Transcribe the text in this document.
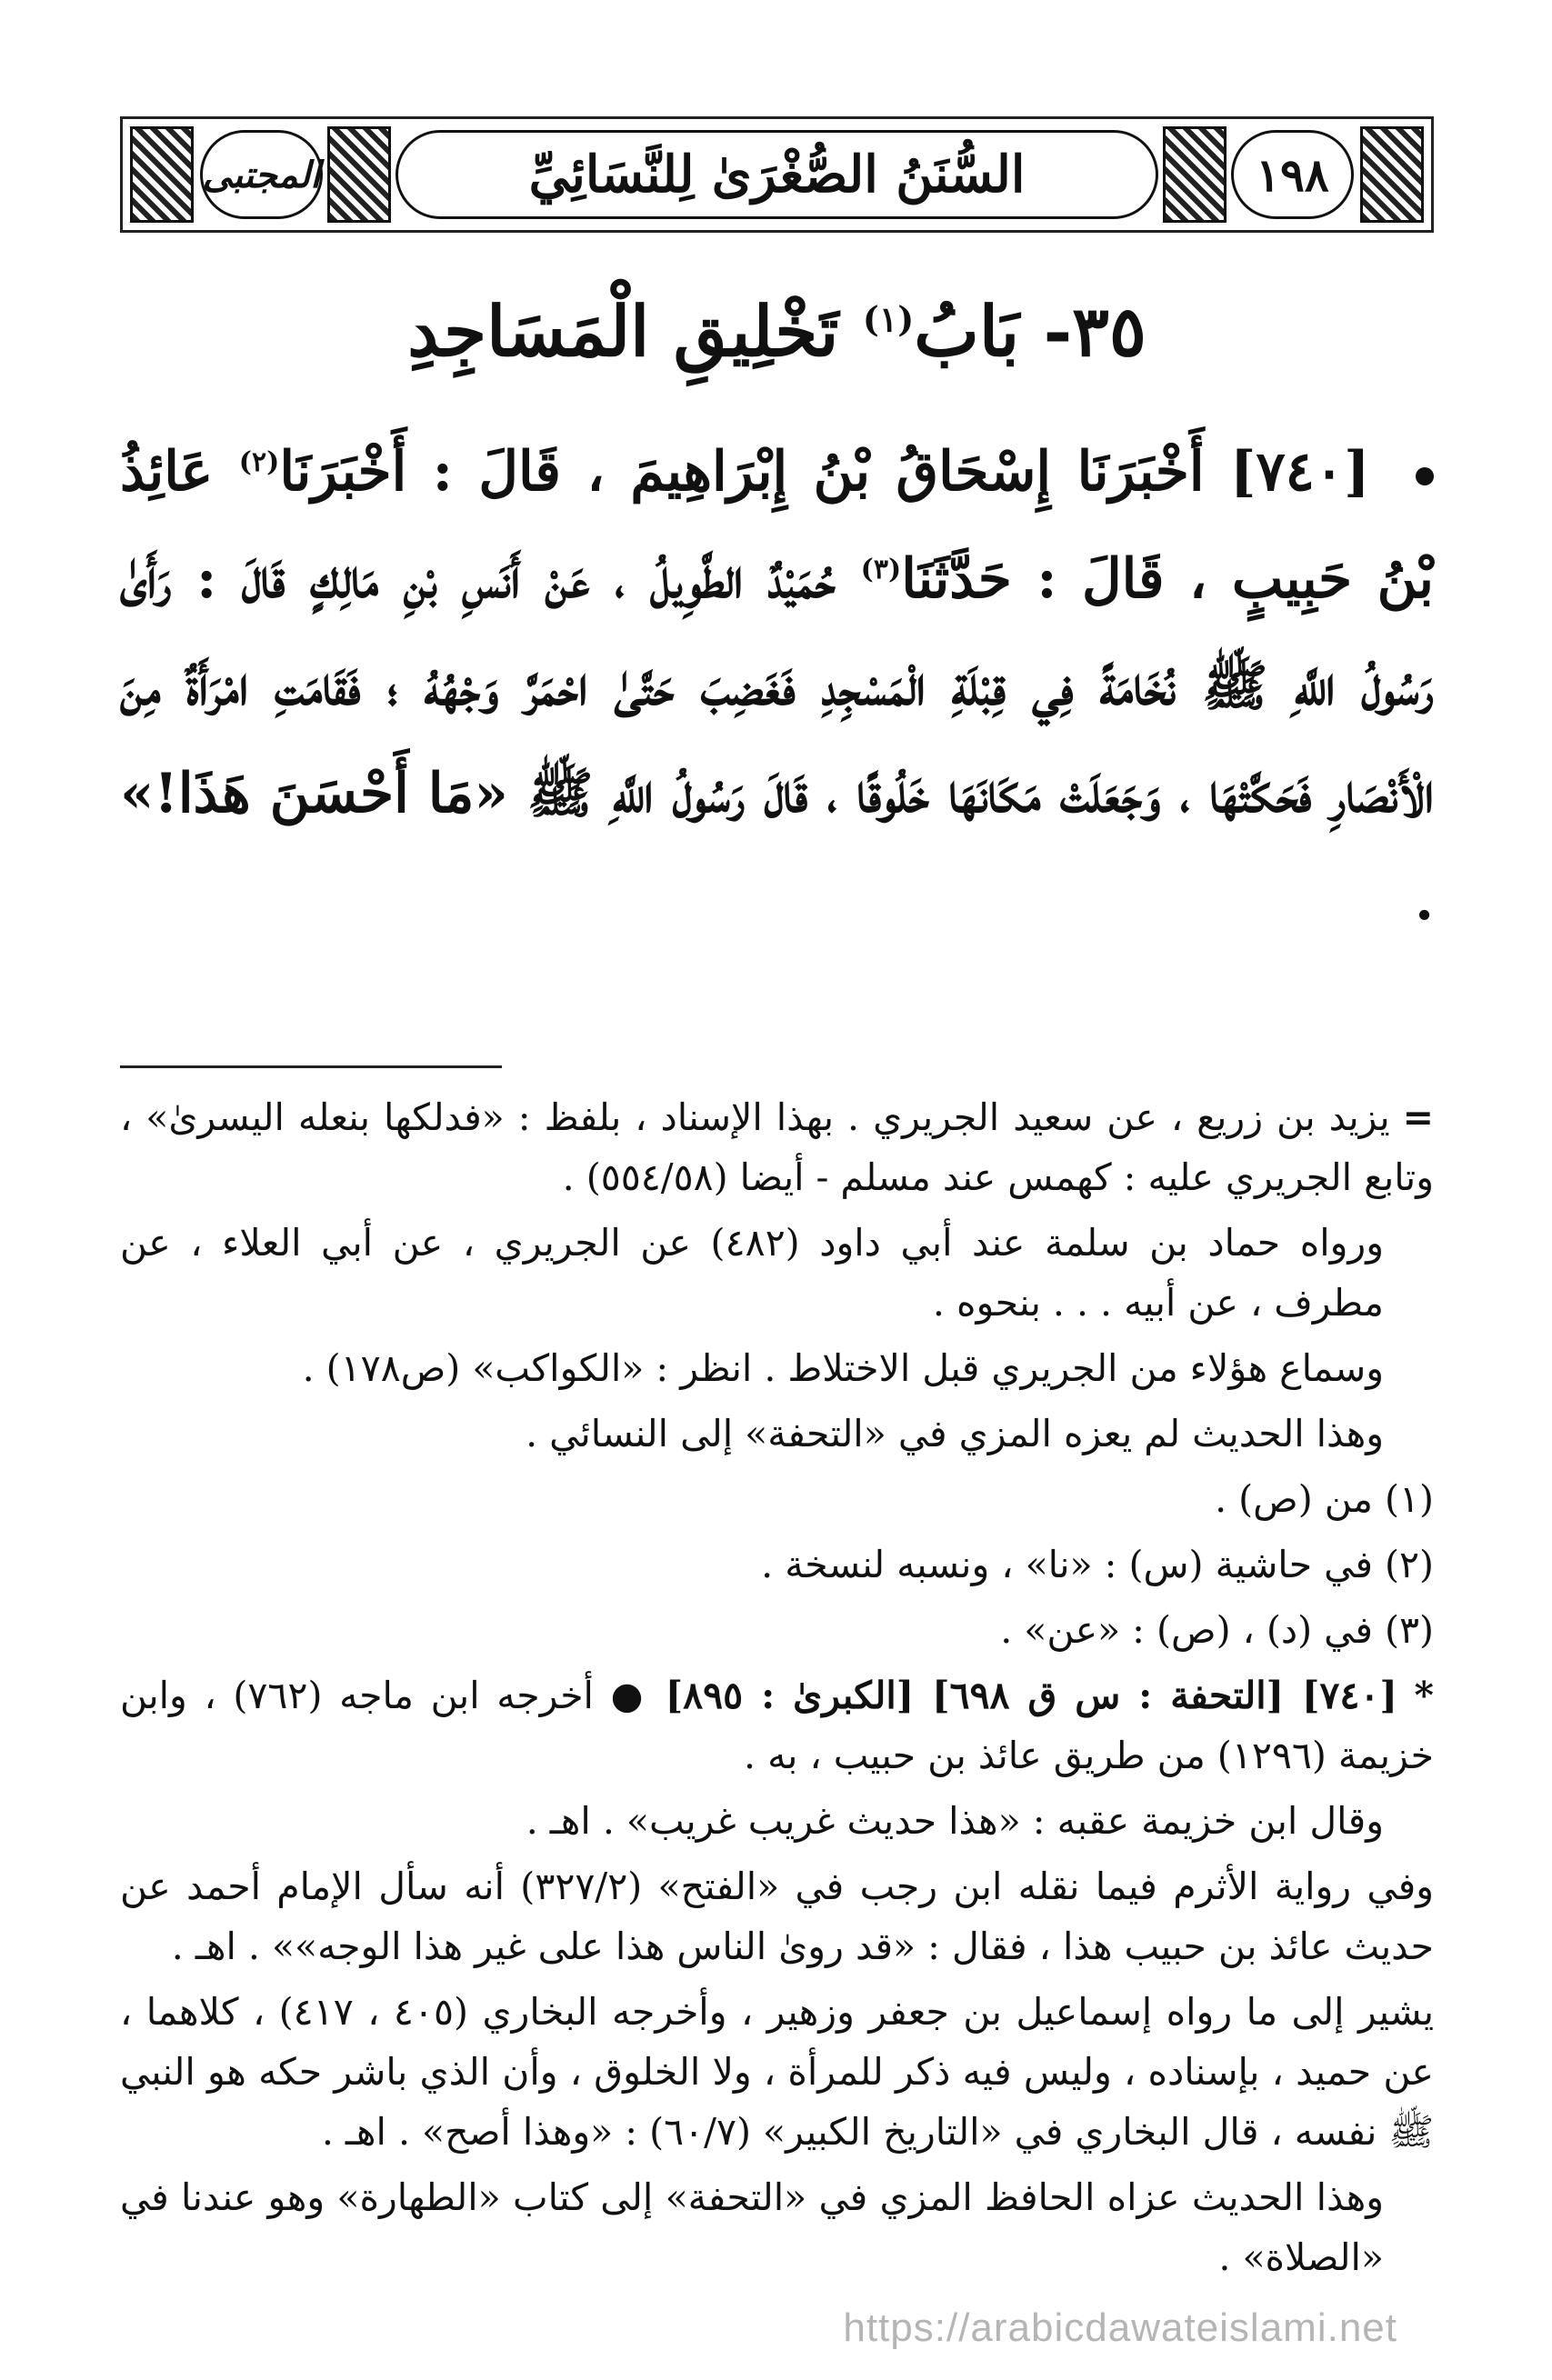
المجتبى	السُّنَنُ الصُّغْرَىٰ لِلنَّسَائِيِّ	١٩٨
٣٥- بَابُ$^{(١)}$ تَخْلِيقِ الْمَسَاجِدِ
[٧٤٠] أَخْبَرَنَا إِسْحَاقُ بْنُ إِبْرَاهِيمَ ، قَالَ : أَخْبَرَنَا$^{(٢)}$ عَائِذُ بْنُ حَبِيبٍ ، قَالَ : حَدَّثَنَا$^{(٣)}$ حُمَيْدٌ الطَّوِيلُ ، عَنْ أَنَسِ بْنِ مَالِكٍ قَالَ : رَأَىٰ رَسُولُ اللَّهِ ﷺ نُخَامَةً فِي قِبْلَةِ الْمَسْجِدِ فَغَضِبَ حَتَّىٰ احْمَرَّ وَجْهُهُ ؛ فَقَامَتِ امْرَأَةٌ مِنَ الْأَنْصَارِ فَحَكَّتْهَا ، وَجَعَلَتْ مَكَانَهَا خَلُوقًا ، قَالَ رَسُولُ اللَّهِ ﷺ «مَا أَحْسَنَ هَذَا!» .

=يزيد بن زريع ، عن سعيد الجريري . بهذا الإسناد ، بلفظ : «فدلكها بنعله اليسرىٰ» ، وتابع الجريري عليه : كهمس عند مسلم - أيضا (٥٥٤/٥٨) .

ورواه حماد بن سلمة عند أبي داود (٤٨٢) عن الجريري ، عن أبي العلاء ، عن مطرف ، عن أبيه . . . بنحوه .

وسماع هؤلاء من الجريري قبل الاختلاط . انظر : «الكواكب» (ص١٧٨) .

وهذا الحديث لم يعزه المزي في «التحفة» إلى النسائي .

(١) من (ص) .

(٢) في حاشية (س) : «نا» ، ونسبه لنسخة .

(٣) في (د) ، (ص) : «عن» .

* [٧٤٠] [التحفة : س ق ٦٩٨] [الكبرىٰ : ٨٩٥] ● أخرجه ابن ماجه (٧٦٢) ، وابن خزيمة (١٢٩٦) من طريق عائذ بن حبيب ، به .

وقال ابن خزيمة عقبه : «هذا حديث غريب غريب» . اهـ .

وفي رواية الأثرم فيما نقله ابن رجب في «الفتح» (٣٢٧/٢) أنه سأل الإمام أحمد عن حديث عائذ بن حبيب هذا ، فقال : «قد روىٰ الناس هذا على غير هذا الوجه»» . اهـ .

يشير إلى ما رواه إسماعيل بن جعفر وزهير ، وأخرجه البخاري (٤٠٥ ، ٤١٧) ، كلاهما ، عن حميد ، بإسناده ، وليس فيه ذكر للمرأة ، ولا الخلوق ، وأن الذي باشر حكه هو النبي ﷺ نفسه ، قال البخاري في «التاريخ الكبير» (٦٠/٧) : «وهذا أصح» . اهـ .

وهذا الحديث عزاه الحافظ المزي في «التحفة» إلى كتاب «الطهارة» وهو عندنا في «الصلاة» .

https://arabicdawateislami.net
